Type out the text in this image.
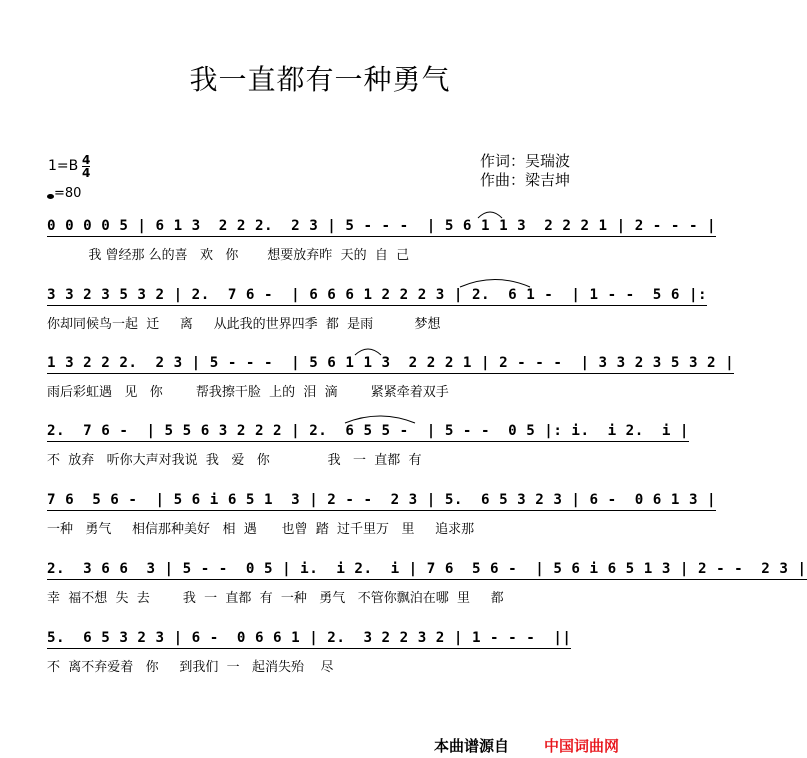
我一直都有一种勇气
1=B 4
4
=80
作词：吴瑞波
作曲：梁吉坤
0 0 0 0 5 | 6 1 3  2 2 2.  2 3 | 5 - - -  | 5 6 1 1 3  2 2 2 1 | 2 - - - |
我 曾经那 么的喜   欢   你       想要放弃昨  天的  自  己
3 3 2 3 5 3 2 | 2.  7 6 -  | 6 6 6 1 2 2 2 3 | 2.  6 1 -  | 1 - -  5 6 |:
你却同候鸟一起  迁     离     从此我的世界四季  都  是雨          梦想
1 3 2 2 2.  2 3 | 5 - - -  | 5 6 1 1 3  2 2 2 1 | 2 - - -  | 3 3 2 3 5 3 2 |
雨后彩虹遇   见   你        帮我擦干脸  上的  泪  滴        紧紧牵着双手
2.  7 6 -  | 5 5 6 3 2 2 2 | 2.  6 5 5 -  | 5 - -  0 5 |: i.  i 2.  i |
不  放弃   听你大声对我说  我   爱   你              我   一  直都  有
7 6  5 6 -  | 5 6 i 6 5 1  3 | 2 - -  2 3 | 5.  6 5 3 2 3 | 6 -  0 6 1 3 |
一种   勇气     相信那种美好   相  遇      也曾  踏  过千里万   里     追求那
2.  3 6 6  3 | 5 - -  0 5 | i.  i 2.  i | 7 6  5 6 -  | 5 6 i 6 5 1 3 | 2 - -  2 3 |
幸  福不想  失  去        我  一  直都  有  一种   勇气   不管你飘泊在哪  里     都
5.  6 5 3 2 3 | 6 -  0 6 6 1 | 2.  3 2 2 3 2 | 1 - - -  ||
不  离不弃爱着   你     到我们  一   起消失殆    尽
本曲谱源自 中国词曲网
